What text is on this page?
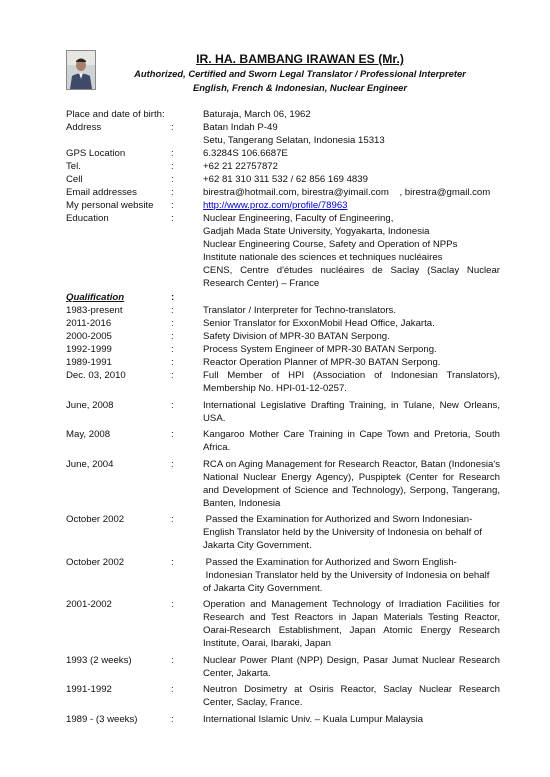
IR. HA. BAMBANG IRAWAN ES (Mr.)
Authorized, Certified and Sworn Legal Translator / Professional Interpreter
English, French & Indonesian, Nuclear Engineer
Place and date of birth:	Baturaja, March 06, 1962
Address	:	Batan Indah P-49
Setu, Tangerang Selatan, Indonesia 15313
GPS Location	:	6.3284S 106.6687E
Tel.	:	+62 21 22757872
Cell	:	+62 81 310 311 532 / 62 856 169 4839
Email addresses	:	birestra@hotmail.com, birestra@yimail.com    , birestra@gmail.com
My personal website	:	http://www.proz.com/profile/78963
Education	:	Nuclear Engineering, Faculty of Engineering,
Gadjah Mada State University, Yogyakarta, Indonesia
Nuclear Engineering Course, Safety and Operation of NPPs
Institute nationale des sciences et techniques nucléaires
CENS, Centre d'études nucléaires de Saclay (Saclay Nuclear Research Center) – France
Qualification	:
1983-present	:	Translator / Interpreter for Techno-translators.
2011-2016	:	Senior Translator for ExxonMobil Head Office, Jakarta.
2000-2005	:	Safety Division of MPR-30 BATAN Serpong.
1992-1999	:	Process System Engineer of MPR-30 BATAN Serpong.
1989-1991	:	Reactor Operation Planner of MPR-30 BATAN Serpong.
Dec. 03, 2010	:	Full Member of HPI (Association of Indonesian Translators), Membership No. HPI-01-12-0257.
June, 2008	:	International Legislative Drafting Training, in Tulane, New Orleans, USA.
May, 2008	:	Kangaroo Mother Care Training in Cape Town and Pretoria, South Africa.
June, 2004	:	RCA on Aging Management for Research Reactor, Batan (Indonesia's National Nuclear Energy Agency), Puspiptek (Center for Research and Development of Science and Technology), Serpong, Tangerang, Banten, Indonesia
October 2002	:	Passed the Examination for Authorized and Sworn Indonesian-
English Translator held by the University of Indonesia on behalf of
Jakarta City Government.
October 2002	:	Passed the Examination for Authorized and Sworn English-
Indonesian Translator held by the University of Indonesia on behalf
of Jakarta City Government.
2001-2002	:	Operation and Management Technology of Irradiation Facilities for Research and Test Reactors in Japan Materials Testing Reactor, Oarai-Research Establishment, Japan Atomic Energy Research Institute, Oarai, Ibaraki, Japan
1993 (2 weeks)	:	Nuclear Power Plant (NPP) Design, Pasar Jumat Nuclear Research Center, Jakarta.
1991-1992	:	Neutron Dosimetry at Osiris Reactor, Saclay Nuclear Research Center, Saclay, France.
1989 - (3 weeks)	:	International Islamic Univ. – Kuala Lumpur Malaysia
